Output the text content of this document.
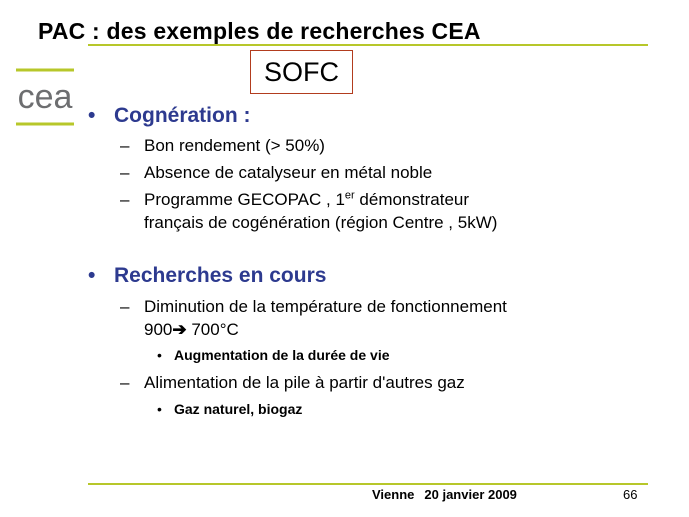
PAC : des exemples de recherches CEA
cea
SOFC
• Cognération :
– Bon rendement (> 50%)
– Absence de catalyseur en métal noble
– Programme GECOPAC , 1er démonstrateur
français de cogénération (région Centre , 5kW)
• Recherches en cours
– Diminution de la température de fonctionnement
900➔ 700°C
• Augmentation de la durée de vie
– Alimentation de la pile à partir d'autres gaz
• Gaz naturel, biogaz
Vienne 20 janvier 2009	66
